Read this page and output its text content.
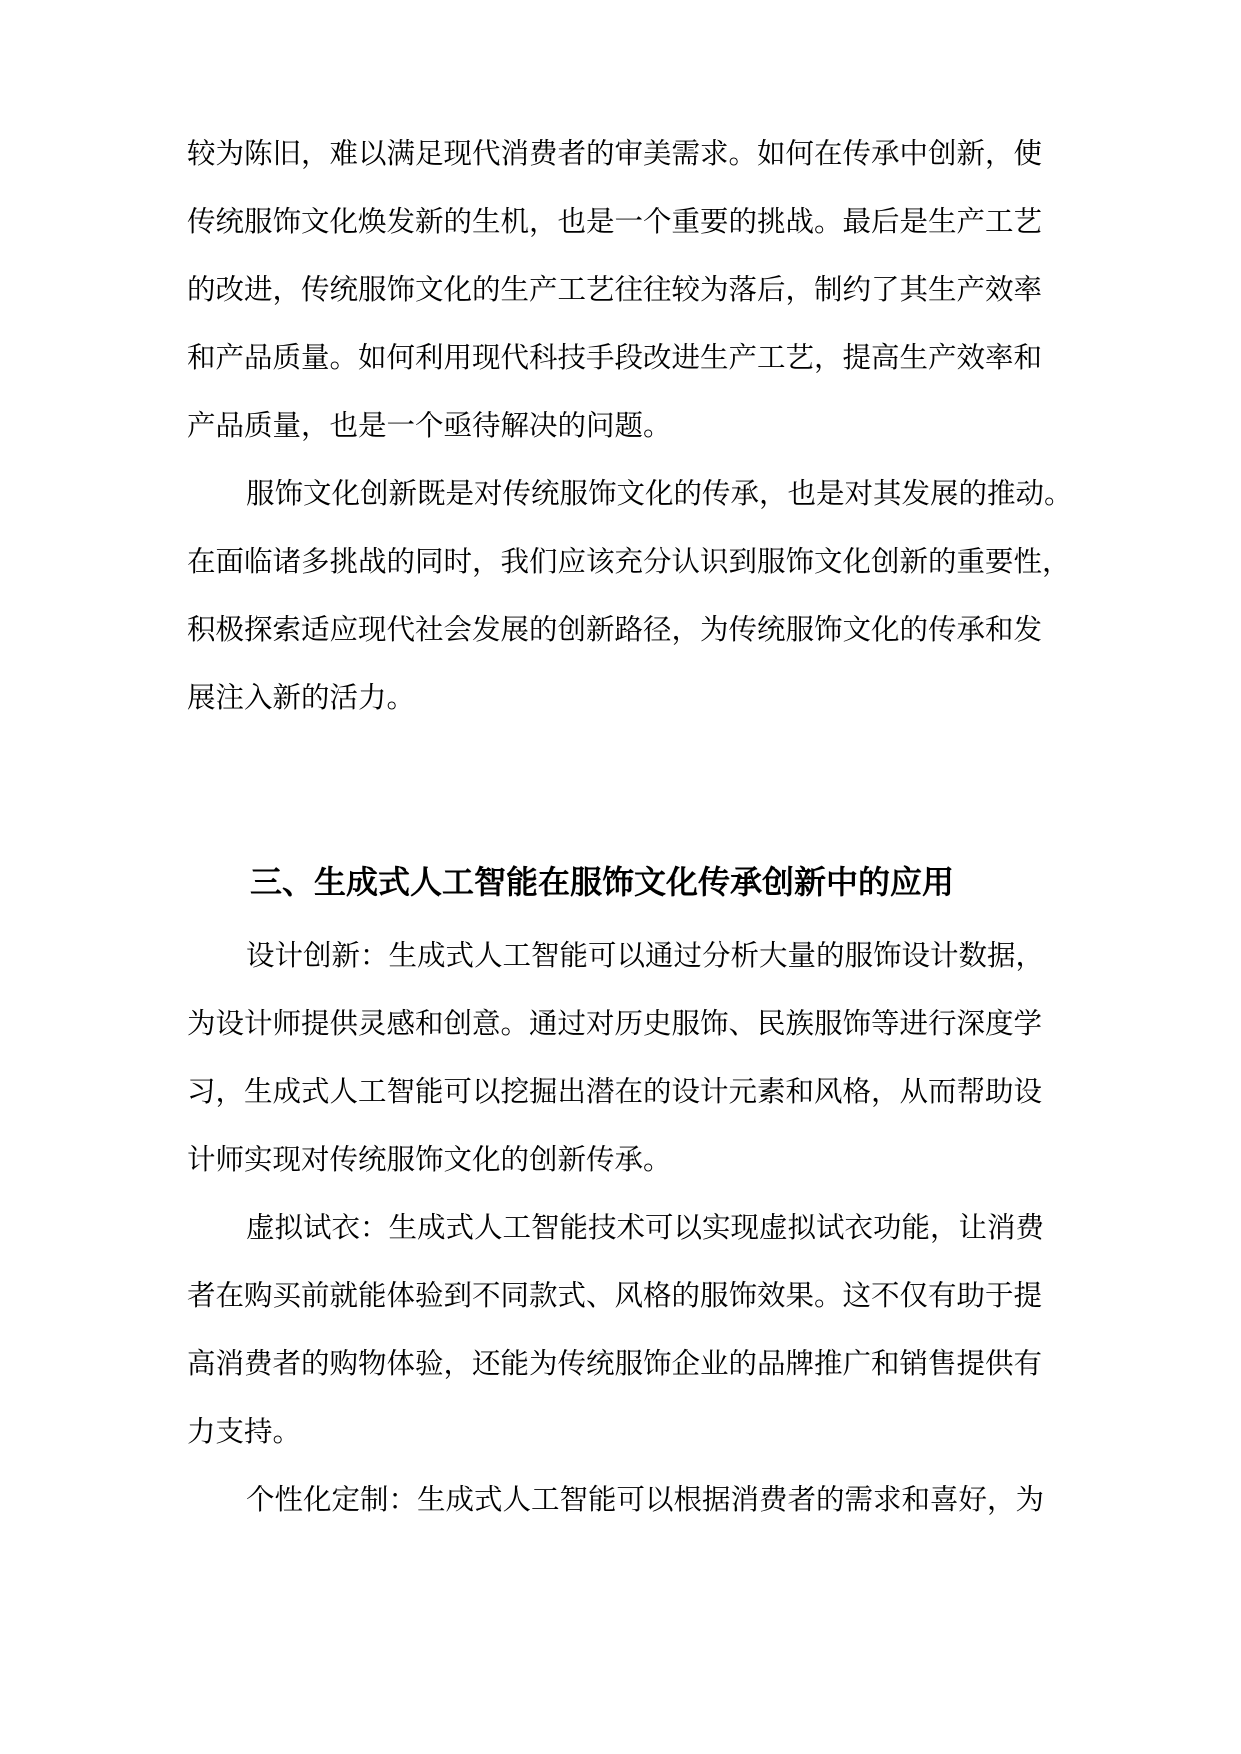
较为陈旧，难以满足现代消费者的审美需求。如何在传承中创新，使
传统服饰文化焕发新的生机，也是一个重要的挑战。最后是生产工艺
的改进，传统服饰文化的生产工艺往往较为落后，制约了其生产效率
和产品质量。如何利用现代科技手段改进生产工艺，提高生产效率和
产品质量，也是一个亟待解决的问题。
服饰文化创新既是对传统服饰文化的传承，也是对其发展的推动。
在面临诸多挑战的同时，我们应该充分认识到服饰文化创新的重要性，
积极探索适应现代社会发展的创新路径，为传统服饰文化的传承和发
展注入新的活力。
三、生成式人工智能在服饰文化传承创新中的应用
设计创新：生成式人工智能可以通过分析大量的服饰设计数据，
为设计师提供灵感和创意。通过对历史服饰、民族服饰等进行深度学
习，生成式人工智能可以挖掘出潜在的设计元素和风格，从而帮助设
计师实现对传统服饰文化的创新传承。
虚拟试衣：生成式人工智能技术可以实现虚拟试衣功能，让消费
者在购买前就能体验到不同款式、风格的服饰效果。这不仅有助于提
高消费者的购物体验，还能为传统服饰企业的品牌推广和销售提供有
力支持。
个性化定制：生成式人工智能可以根据消费者的需求和喜好，为
